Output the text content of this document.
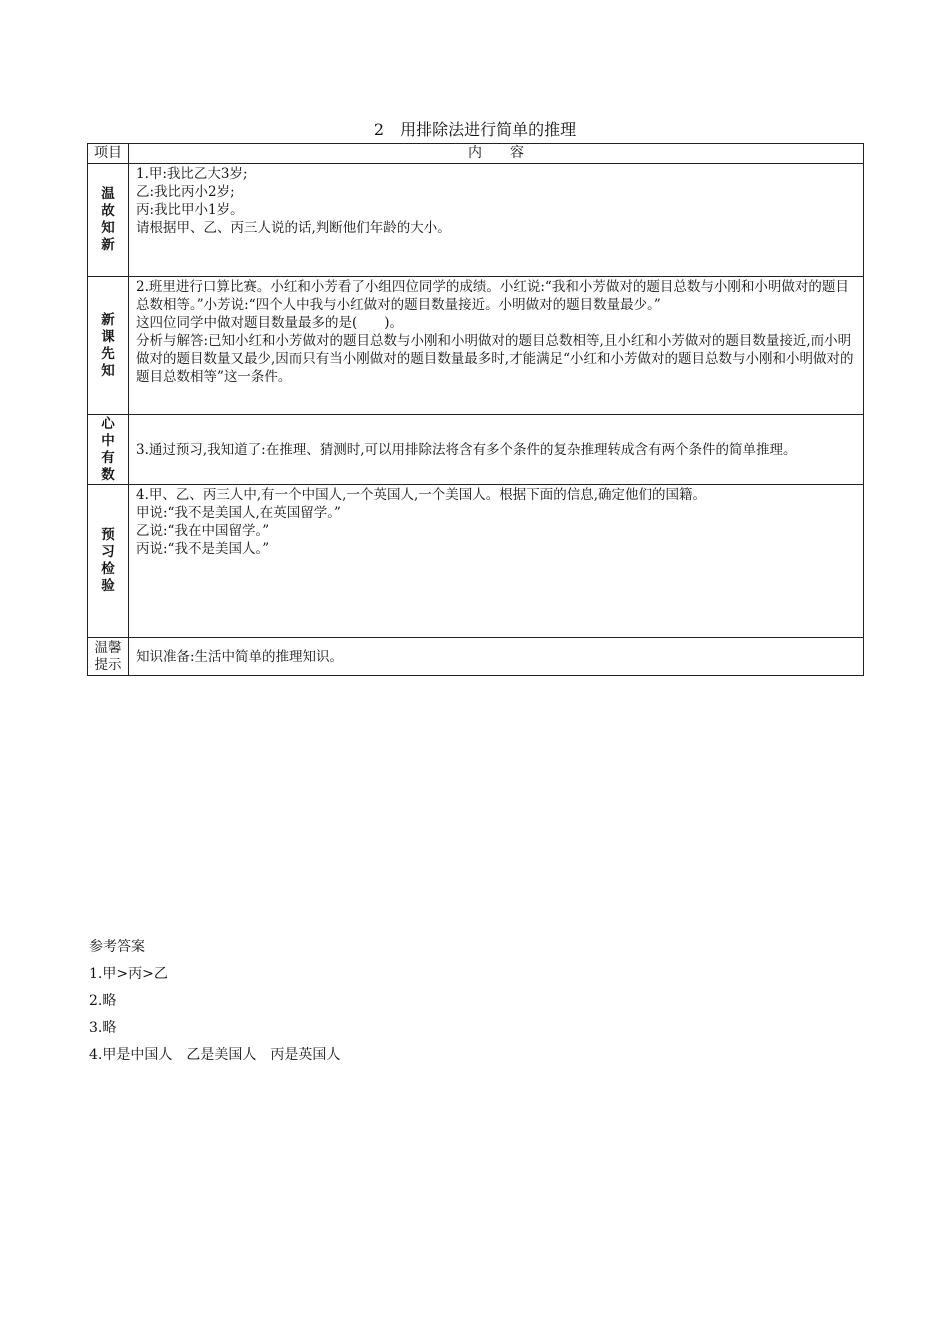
2　用排除法进行简单的推理
项目	内　　容
温故知新	1.甲:我比乙大3岁;

乙:我比丙小2岁;

丙:我比甲小1岁。

请根据甲、乙、丙三人说的话,判断他们年龄的大小。

新课先知	2.班里进行口算比赛。小红和小芳看了小组四位同学的成绩。小红说:“我和小芳做对的题目总数与小刚和小明做对的题目总数相等。”小芳说:“四个人中我与小红做对的题目数量接近。小明做对的题目数量最少。”

这四位同学中做对题目数量最多的是(　　)。

分析与解答:已知小红和小芳做对的题目总数与小刚和小明做对的题目总数相等,且小红和小芳做对的题目数量接近,而小明做对的题目数量又最少,因而只有当小刚做对的题目数量最多时,才能满足“小红和小芳做对的题目总数与小刚和小明做对的题目总数相等”这一条件。

心中有数	3.通过预习,我知道了:在推理、猜测时,可以用排除法将含有多个条件的复杂推理转成含有两个条件的简单推理。

预习检验	4.甲、乙、丙三人中,有一个中国人,一个英国人,一个美国人。根据下面的信息,确定他们的国籍。

甲说:“我不是美国人,在英国留学。”

乙说:“我在中国留学。”

丙说:“我不是美国人。”

温馨提示	知识准备:生活中简单的推理知识。

参考答案
1.甲>丙>乙
2.略
3.略
4.甲是中国人　乙是美国人　丙是英国人
